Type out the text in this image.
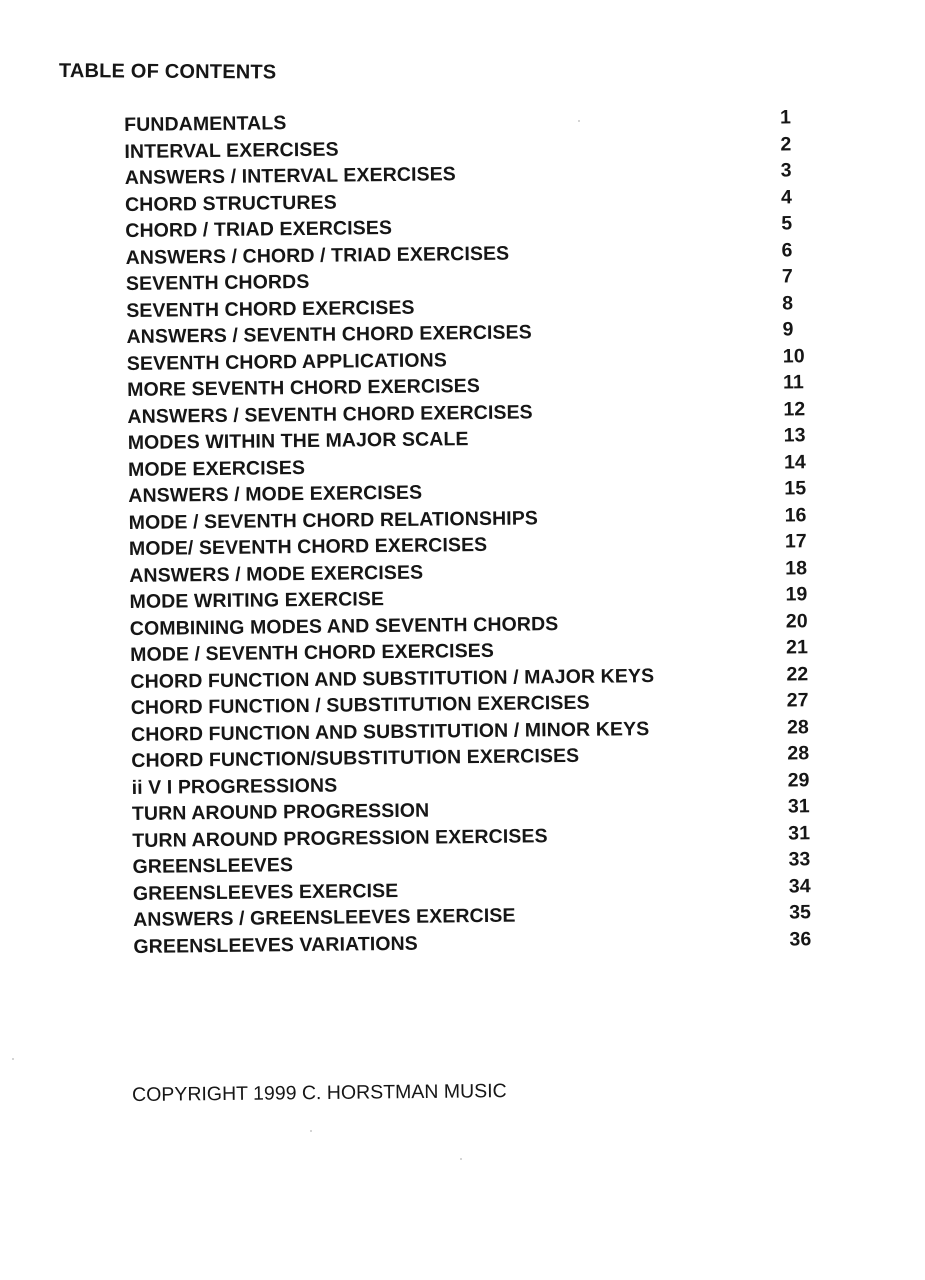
TABLE OF CONTENTS
FUNDAMENTALS	1
INTERVAL EXERCISES	2
ANSWERS / INTERVAL EXERCISES	3
CHORD STRUCTURES	4
CHORD / TRIAD EXERCISES	5
ANSWERS / CHORD / TRIAD EXERCISES	6
SEVENTH CHORDS	7
SEVENTH CHORD EXERCISES	8
ANSWERS / SEVENTH CHORD EXERCISES	9
SEVENTH CHORD APPLICATIONS	10
MORE SEVENTH CHORD EXERCISES	11
ANSWERS / SEVENTH CHORD EXERCISES	12
MODES WITHIN THE MAJOR SCALE	13
MODE EXERCISES	14
ANSWERS / MODE EXERCISES	15
MODE / SEVENTH CHORD RELATIONSHIPS	16
MODE/ SEVENTH CHORD EXERCISES	17
ANSWERS / MODE EXERCISES	18
MODE WRITING EXERCISE	19
COMBINING MODES AND SEVENTH CHORDS	20
MODE / SEVENTH CHORD EXERCISES	21
CHORD FUNCTION AND SUBSTITUTION / MAJOR KEYS	22
CHORD FUNCTION / SUBSTITUTION EXERCISES	27
CHORD FUNCTION AND SUBSTITUTION / MINOR KEYS	28
CHORD FUNCTION/SUBSTITUTION EXERCISES	28
ii V I PROGRESSIONS	29
TURN AROUND PROGRESSION	31
TURN AROUND PROGRESSION EXERCISES	31
GREENSLEEVES	33
GREENSLEEVES EXERCISE	34
ANSWERS / GREENSLEEVES EXERCISE	35
GREENSLEEVES VARIATIONS	36

COPYRIGHT 1999 C. HORSTMAN MUSIC
